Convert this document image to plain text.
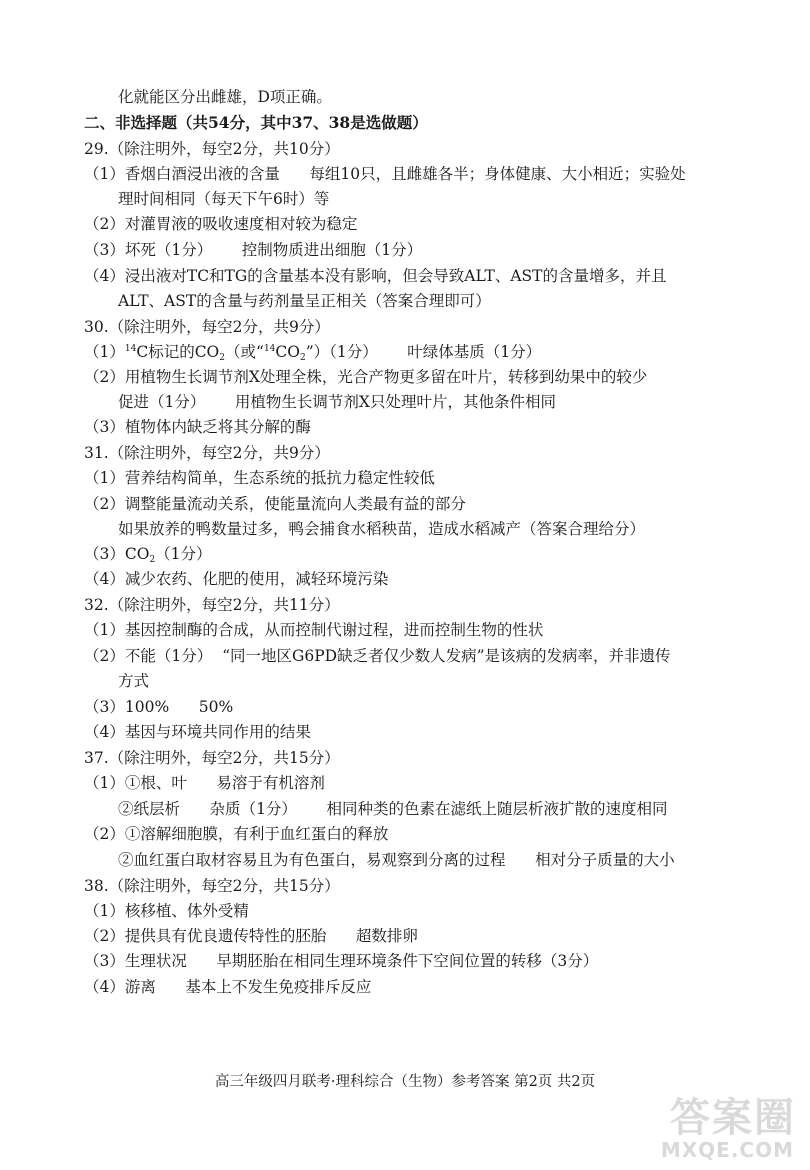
化就能区分出雌雄，D项正确。
二、非选择题（共54分，其中37、38是选做题）
29.（除注明外，每空2分，共10分）
（1）香烟白酒浸出液的含量      每组10只，且雌雄各半；身体健康、大小相近；实验处
理时间相同（每天下午6时）等
（2）对灌胃液的吸收速度相对较为稳定
（3）坏死（1分）      控制物质进出细胞（1分）
（4）浸出液对TC和TG的含量基本没有影响，但会导致ALT、AST的含量增多，并且
ALT、AST的含量与药剂量呈正相关（答案合理即可）
30.（除注明外，每空2分，共9分）
$(1)^{14}C$标记的$CO_2$（或“$^{14}CO_2”)(1$分）      叶绿体基质（1分）
（2）用植物生长调节剂X处理全株，光合产物更多留在叶片，转移到幼果中的较少
促进（1分）      用植物生长调节剂X只处理叶片，其他条件相同
（3）植物体内缺乏将其分解的酶
31.（除注明外，每空2分，共9分）
（1）营养结构简单，生态系统的抵抗力稳定性较低
（2）调整能量流动关系，使能量流向人类最有益的部分
如果放养的鸭数量过多，鸭会捕食水稻秧苗，造成水稻减产（答案合理给分）
$(3)CO_2(1$分）
（4）减少农药、化肥的使用，减轻环境污染
32.（除注明外，每空2分，共11分）
（1）基因控制酶的合成，从而控制代谢过程，进而控制生物的性状
（2）不能（1分）  “同一地区G6PD缺乏者仅少数人发病”是该病的发病率，并非遗传
方式
（3）100%      50%
（4）基因与环境共同作用的结果
37.（除注明外，每空2分，共15分）
（1）①根、叶      易溶于有机溶剂
②纸层析      杂质（1分）      相同种类的色素在滤纸上随层析液扩散的速度相同
（2）①溶解细胞膜，有利于血红蛋白的释放
②血红蛋白取材容易且为有色蛋白，易观察到分离的过程      相对分子质量的大小
38.（除注明外，每空2分，共15分）
（1）核移植、体外受精
（2）提供具有优良遗传特性的胚胎      超数排卵
（3）生理状况      早期胚胎在相同生理环境条件下空间位置的转移（3分）
（4）游离      基本上不发生免疫排斥反应
高三年级四月联考·理科综合（生物）参考答案 第2页 共2页
答案圈
MXQE.COM
